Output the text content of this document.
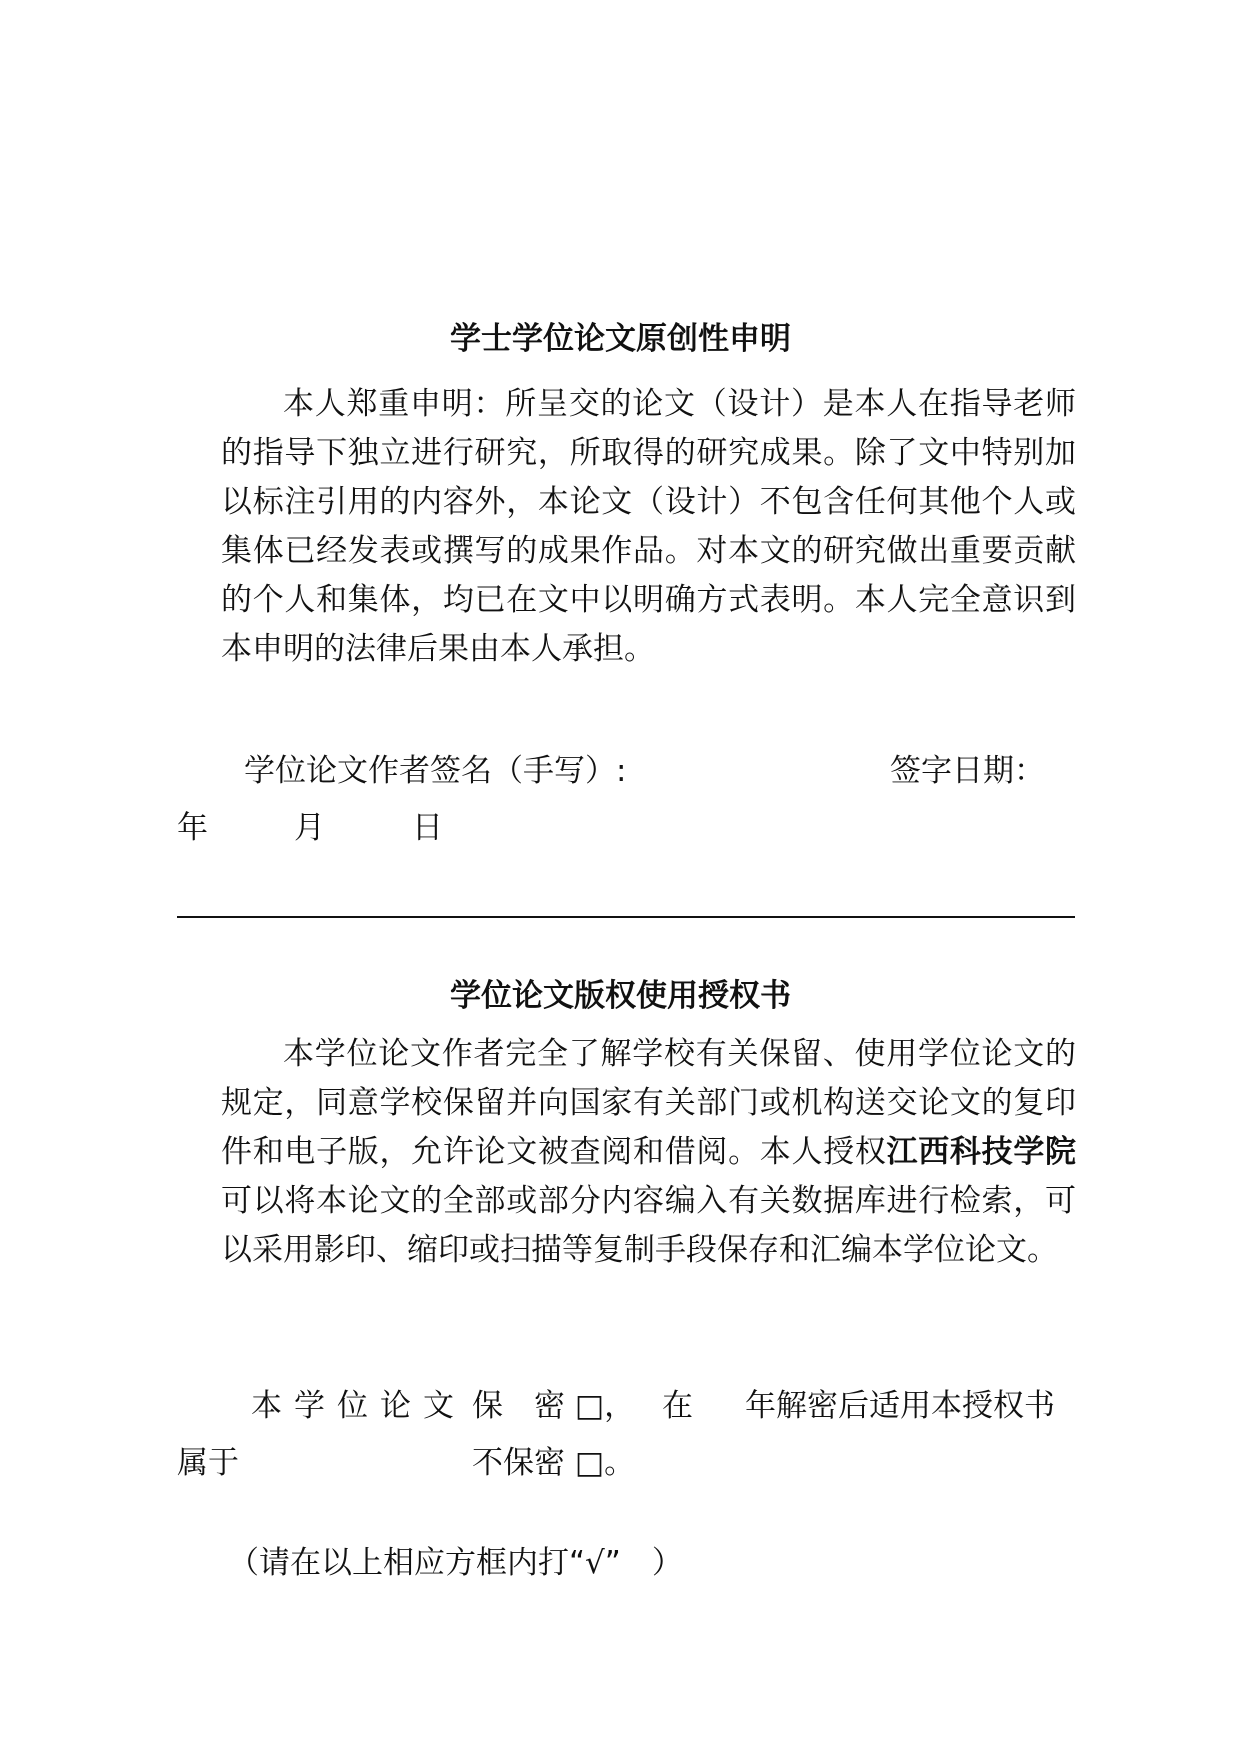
学士学位论文原创性申明

本人郑重申明：所呈交的论文（设计）是本人在指导老师的指导下独立进行研究，所取得的研究成果。除了文中特别加以标注引用的内容外，本论文（设计）不包含任何其他个人或集体已经发表或撰写的成果作品。对本文的研究做出重要贡献的个人和集体，均已在文中以明确方式表明。本人完全意识到本申明的法律后果由本人承担。

学位论文作者签名（手写）:	签字日期：
年	月	日
学位论文版权使用授权书

本学位论文作者完全了解学校有关保留、使用学位论文的规定，同意学校保留并向国家有关部门或机构送交论文的复印件和电子版，允许论文被查阅和借阅。本人授权江西科技学院可以将本论文的全部或部分内容编入有关数据库进行检索，可以采用影印、缩印或扫描等复制手段保存和汇编本学位论文。

本学位论文 保　密 □， 在 年解密后适用本授权书
属于	不保密 □。
（请在以上相应方框内打“√”　）
